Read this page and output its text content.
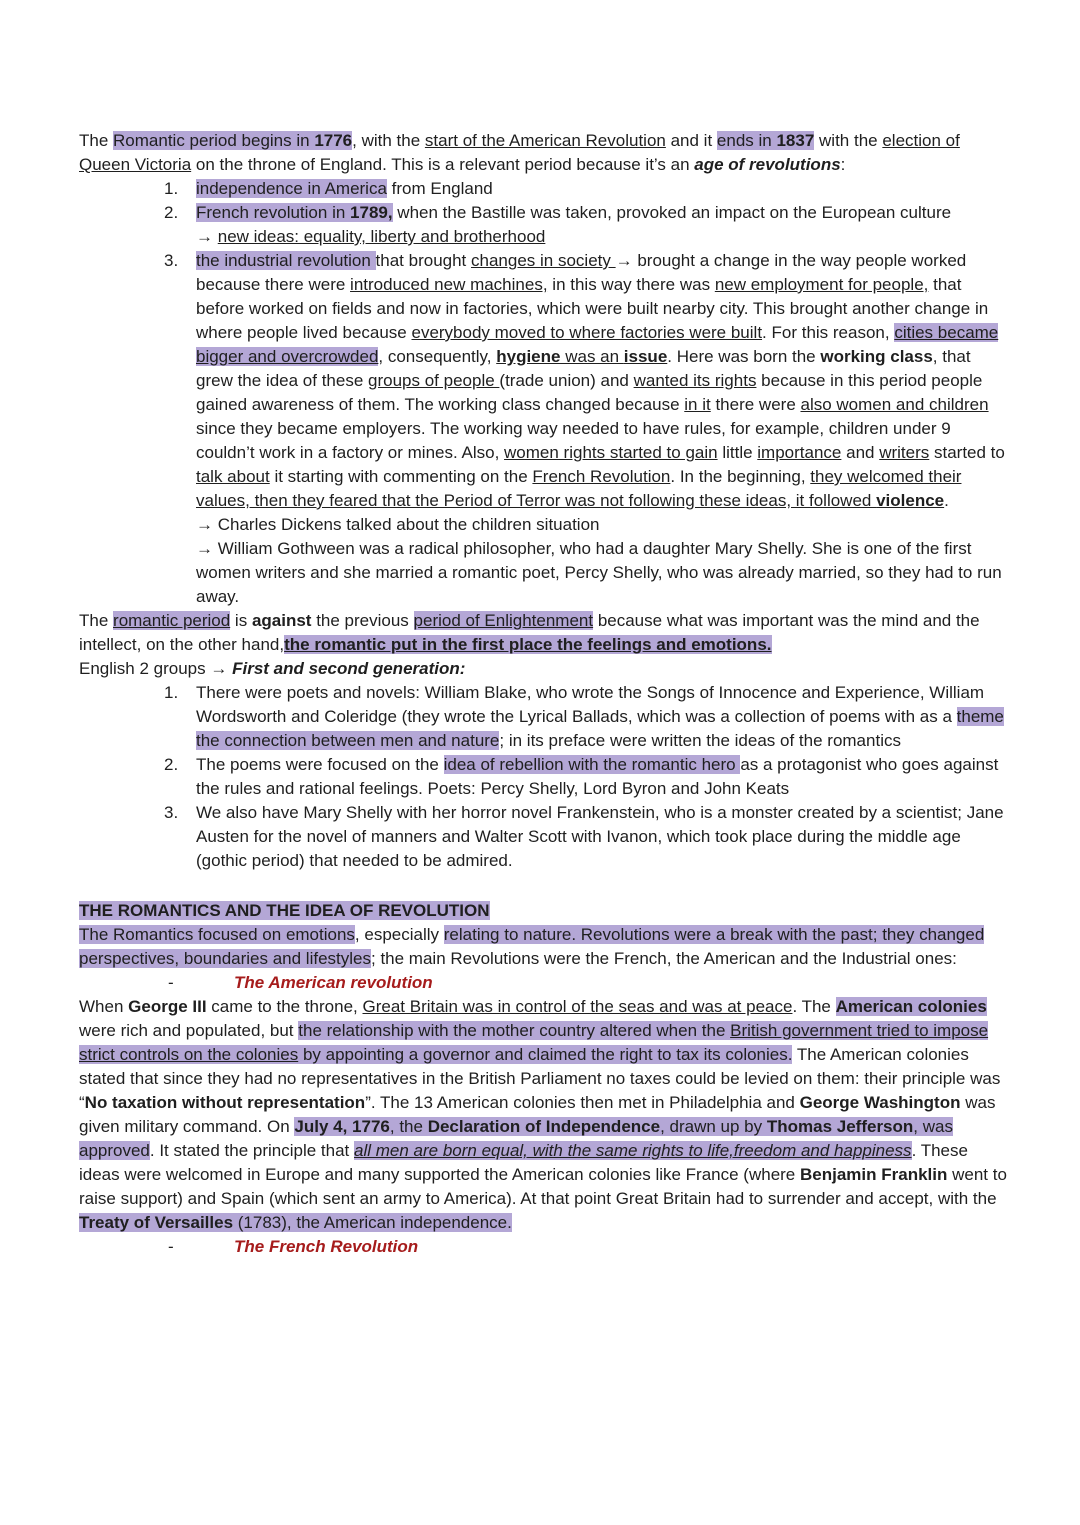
The Romantic period begins in 1776, with the start of the American Revolution and it ends in 1837 with the election of Queen Victoria on the throne of England. This is a relevant period because it’s an age of revolutions:

1. independence in America from England
2. French revolution in 1789, when the Bastille was taken, provoked an impact on the European culture
→ new ideas: equality, liberty and brotherhood
3. the industrial revolution that brought changes in society → brought a change in the way people worked because there were introduced new machines, in this way there was new employment for people, that before worked on fields and now in factories, which were built nearby city. This brought another change in where people lived because everybody moved to where factories were built. For this reason, cities became bigger and overcrowded, consequently, hygiene was an issue. Here was born the working class, that grew the idea of these groups of people (trade union) and wanted its rights because in this period people gained awareness of them. The working class changed because in it there were also women and children since they became employers. The working way needed to have rules, for example, children under 9 couldn’t work in a factory or mines. Also, women rights started to gain little importance and writers started to talk about it starting with commenting on the French Revolution. In the beginning, they welcomed their values, then they feared that the Period of Terror was not following these ideas, it followed violence.

→ Charles Dickens talked about the children situation

→ William Gothween was a radical philosopher, who had a daughter Mary Shelly. She is one of the first women writers and she married a romantic poet, Percy Shelly, who was already married, so they had to run away.

The romantic period is against the previous period of Enlightenment because what was important was the mind and the intellect, on the other hand,the romantic put in the first place the feelings and emotions.

English 2 groups → First and second generation:

1. There were poets and novels: William Blake, who wrote the Songs of Innocence and Experience, William Wordsworth and Coleridge (they wrote the Lyrical Ballads, which was a collection of poems with as a theme the connection between men and nature; in its preface were written the ideas of the romantics
2. The poems were focused on the idea of rebellion with the romantic hero as a protagonist who goes against the rules and rational feelings. Poets: Percy Shelly, Lord Byron and John Keats
3. We also have Mary Shelly with her horror novel Frankenstein, who is a monster created by a scientist; Jane Austen for the novel of manners and Walter Scott with Ivanon, which took place during the middle age (gothic period) that needed to be admired.

THE ROMANTICS AND THE IDEA OF REVOLUTION

The Romantics focused on emotions, especially relating to nature. Revolutions were a break with the past; they changed perspectives, boundaries and lifestyles; the main Revolutions were the French, the American and the Industrial ones:

-	The American revolution

When George III came to the throne, Great Britain was in control of the seas and was at peace. The American colonies were rich and populated, but the relationship with the mother country altered when the British government tried to impose strict controls on the colonies by appointing a governor and claimed the right to tax its colonies. The American colonies stated that since they had no representatives in the British Parliament no taxes could be levied on them: their principle was “No taxation without representation”. The 13 American colonies then met in Philadelphia and George Washington was given military command. On July 4, 1776, the Declaration of Independence, drawn up by Thomas Jefferson, was approved. It stated the principle that all men are born equal, with the same rights to life,freedom and happiness. These ideas were welcomed in Europe and many supported the American colonies like France (where Benjamin Franklin went to raise support) and Spain (which sent an army to America). At that point Great Britain had to surrender and accept, with the Treaty of Versailles (1783), the American independence.

-	The French Revolution
